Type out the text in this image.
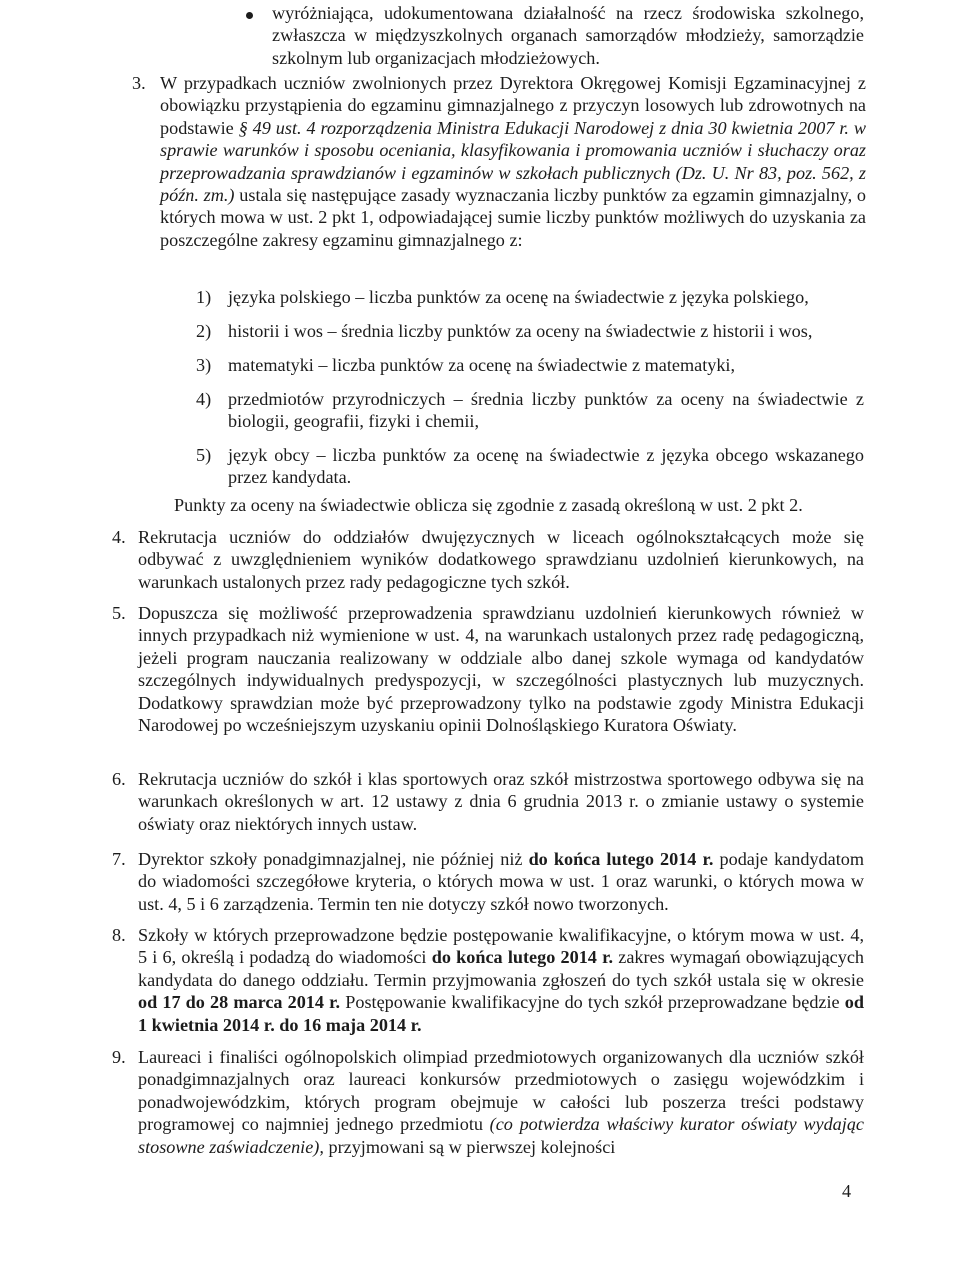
wyróżniająca, udokumentowana działalność na rzecz środowiska szkolnego, zwłaszcza w międzyszkolnych organach samorządów młodzieży, samorządzie szkolnym lub organizacjach młodzieżowych.
3. W przypadkach uczniów zwolnionych przez Dyrektora Okręgowej Komisji Egzaminacyjnej z obowiązku przystąpienia do egzaminu gimnazjalnego z przyczyn losowych lub zdrowotnych na podstawie § 49 ust. 4 rozporządzenia Ministra Edukacji Narodowej z dnia 30 kwietnia 2007 r. w sprawie warunków i sposobu oceniania, klasyfikowania i promowania uczniów i słuchaczy oraz przeprowadzania sprawdzianów i egzaminów w szkołach publicznych (Dz. U. Nr 83, poz. 562, z późn. zm.) ustala się następujące zasady wyznaczania liczby punktów za egzamin gimnazjalny, o których mowa w ust. 2 pkt 1, odpowiadającej sumie liczby punktów możliwych do uzyskania za poszczególne zakresy egzaminu gimnazjalnego z:
1) języka polskiego – liczba punktów za ocenę na świadectwie z języka polskiego,
2) historii i wos – średnia liczby punktów za oceny na świadectwie z historii i wos,
3) matematyki – liczba punktów za ocenę na świadectwie z matematyki,
4) przedmiotów przyrodniczych – średnia liczby punktów za oceny na świadectwie z biologii, geografii, fizyki i chemii,
5) język obcy – liczba punktów za ocenę na świadectwie z języka obcego wskazanego przez kandydata.
Punkty za oceny na świadectwie oblicza się zgodnie z zasadą określoną w ust. 2 pkt 2.
4. Rekrutacja uczniów do oddziałów dwujęzycznych w liceach ogólnokształcących może się odbywać z uwzględnieniem wyników dodatkowego sprawdzianu uzdolnień kierunkowych, na warunkach ustalonych przez rady pedagogiczne tych szkół.
5. Dopuszcza się możliwość przeprowadzenia sprawdzianu uzdolnień kierunkowych również w innych przypadkach niż wymienione w ust. 4, na warunkach ustalonych przez radę pedagogiczną, jeżeli program nauczania realizowany w oddziale albo danej szkole wymaga od kandydatów szczególnych indywidualnych predyspozycji, w szczególności plastycznych lub muzycznych. Dodatkowy sprawdzian może być przeprowadzony tylko na podstawie zgody Ministra Edukacji Narodowej po wcześniejszym uzyskaniu opinii Dolnośląskiego Kuratora Oświaty.
6. Rekrutacja uczniów do szkół i klas sportowych oraz szkół mistrzostwa sportowego odbywa się na warunkach określonych w art. 12 ustawy z dnia 6 grudnia 2013 r. o zmianie ustawy o systemie oświaty oraz niektórych innych ustaw.
7. Dyrektor szkoły ponadgimnazjalnej, nie później niż do końca lutego 2014 r. podaje kandydatom do wiadomości szczegółowe kryteria, o których mowa w ust. 1 oraz warunki, o których mowa w ust. 4, 5 i 6 zarządzenia. Termin ten nie dotyczy szkół nowo tworzonych.
8. Szkoły w których przeprowadzone będzie postępowanie kwalifikacyjne, o którym mowa w ust. 4, 5 i 6, określą i podadzą do wiadomości do końca lutego 2014 r. zakres wymagań obowiązujących kandydata do danego oddziału. Termin przyjmowania zgłoszeń do tych szkół ustala się w okresie od 17 do 28 marca 2014 r. Postępowanie kwalifikacyjne do tych szkół przeprowadzane będzie od 1 kwietnia 2014 r. do 16 maja 2014 r.
9. Laureaci i finaliści ogólnopolskich olimpiad przedmiotowych organizowanych dla uczniów szkół ponadgimnazjalnych oraz laureaci konkursów przedmiotowych o zasięgu wojewódzkim i ponadwojewódzkim, których program obejmuje w całości lub poszerza treści podstawy programowej co najmniej jednego przedmiotu (co potwierdza właściwy kurator oświaty wydając stosowne zaświadczenie), przyjmowani są w pierwszej kolejności
4
